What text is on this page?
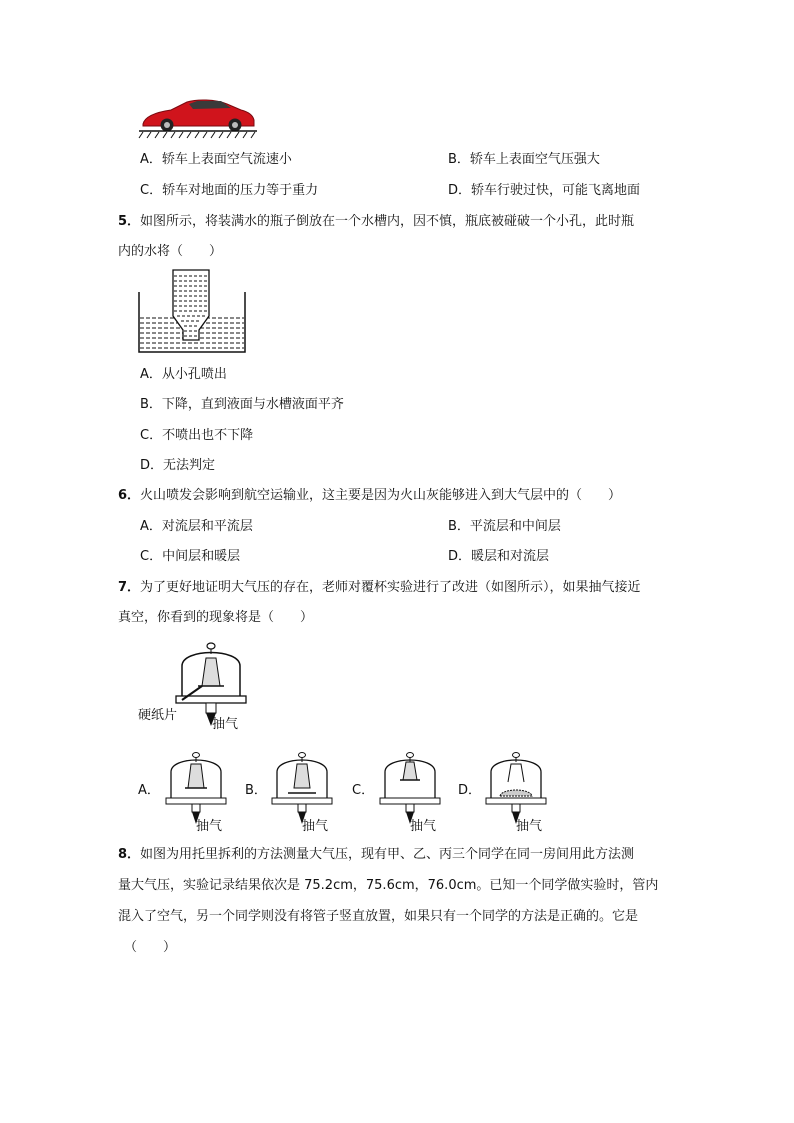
A．轿车上表面空气流速小	B．轿车上表面空气压强大
C．轿车对地面的压力等于重力	D．轿车行驶过快，可能飞离地面
5．如图所示，将装满水的瓶子倒放在一个水槽内，因不慎，瓶底被碰破一个小孔，此时瓶
内的水将（　　）
A．从小孔喷出
B．下降，直到液面与水槽液面平齐
C．不喷出也不下降
D．无法判定
6．火山喷发会影响到航空运输业，这主要是因为火山灰能够进入到大气层中的（　　）
A．对流层和平流层	B．平流层和中间层
C．中间层和暖层	D．暖层和对流层
7．为了更好地证明大气压的存在，老师对覆杯实验进行了改进（如图所示），如果抽气接近
真空，你看到的现象将是（　　）
硬纸片
抽气
A．
抽气
B．
抽气
C．
抽气
D．
抽气
8．如图为用托里拆利的方法测量大气压，现有甲、乙、丙三个同学在同一房间用此方法测
量大气压，实验记录结果依次是 75.2cm，75.6cm，76.0cm。已知一个同学做实验时，管内
混入了空气，另一个同学则没有将管子竖直放置，如果只有一个同学的方法是正确的。它是
（　　）
